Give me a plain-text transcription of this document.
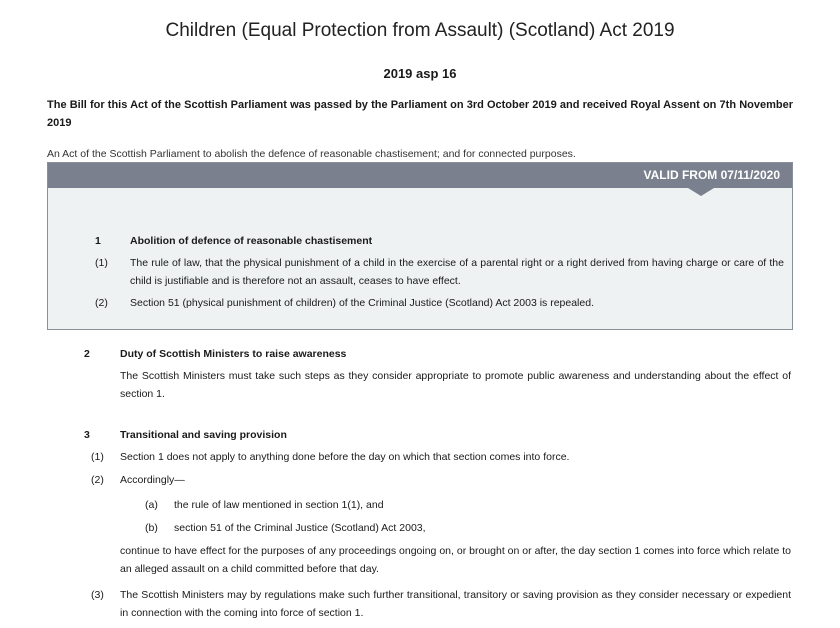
Children (Equal Protection from Assault) (Scotland) Act 2019
2019 asp 16
The Bill for this Act of the Scottish Parliament was passed by the Parliament on 3rd October 2019 and received Royal Assent on 7th November 2019
An Act of the Scottish Parliament to abolish the defence of reasonable chastisement; and for connected purposes.
VALID FROM 07/11/2020
1	Abolition of defence of reasonable chastisement
(1) The rule of law, that the physical punishment of a child in the exercise of a parental right or a right derived from having charge or care of the child is justifiable and is therefore not an assault, ceases to have effect.
(2) Section 51 (physical punishment of children) of the Criminal Justice (Scotland) Act 2003 is repealed.
2	Duty of Scottish Ministers to raise awareness
The Scottish Ministers must take such steps as they consider appropriate to promote public awareness and understanding about the effect of section 1.
3	Transitional and saving provision
(1) Section 1 does not apply to anything done before the day on which that section comes into force.
(2) Accordingly—
(a) the rule of law mentioned in section 1(1), and
(b) section 51 of the Criminal Justice (Scotland) Act 2003,
continue to have effect for the purposes of any proceedings ongoing on, or brought on or after, the day section 1 comes into force which relate to an alleged assault on a child committed before that day.
(3) The Scottish Ministers may by regulations make such further transitional, transitory or saving provision as they consider necessary or expedient in connection with the coming into force of section 1.
